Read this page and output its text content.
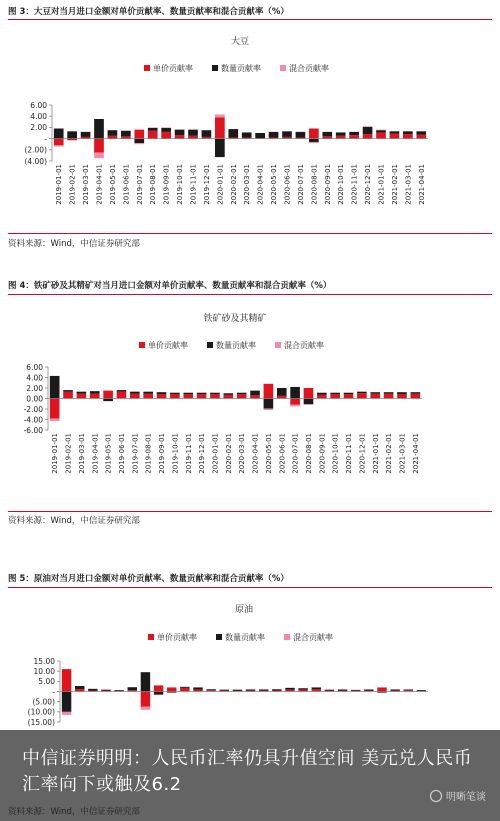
图 3：大豆对当月进口金额对单价贡献率、数量贡献率和混合贡献率（%）
大豆
单价贡献率	数量贡献率	混合贡献率
6.00
4.00
2.00
-
(2.00)
(4.00)
2019-01-01 2019-02-01 2019-03-01 2019-04-01 2019-05-01 2019-06-01 2019-07-01 2019-08-01 2019-09-01 2019-10-01 2019-11-01 2019-12-01 2020-01-01 2020-02-01 2020-03-01 2020-04-01 2020-05-01 2020-06-01 2020-07-01 2020-08-01 2020-09-01 2020-10-01 2020-11-01 2020-12-01 2021-01-01 2021-02-01 2021-03-01 2021-04-01
资料来源：Wind，中信证券研究部
图 4：铁矿砂及其精矿对当月进口金额对单价贡献率、数量贡献率和混合贡献率（%）
铁矿砂及其精矿
单价贡献率	数量贡献率	混合贡献率
6.00
4.00
2.00
0.00
-2.00
-4.00
-6.00
2019-01-01 2019-02-01 2019-03-01 2019-04-01 2019-05-01 2019-06-01 2019-07-01 2019-08-01 2019-09-01 2019-10-01 2019-11-01 2019-12-01 2020-01-01 2020-02-01 2020-03-01 2020-04-01 2020-05-01 2020-06-01 2020-07-01 2020-08-01 2020-09-01 2020-10-01 2020-11-01 2020-12-01 2021-01-01 2021-02-01 2021-03-01 2021-04-01
资料来源：Wind，中信证券研究部
图 5：原油对当月进口金额对单价贡献率、数量贡献率和混合贡献率（%）
原油
单价贡献率	数量贡献率	混合贡献率
15.00
10.00
5.00
-
(5.00)
(10.00)
(15.00)
中信证券明明：人民币汇率仍具升值空间 美元兑人民币汇率向下或触及6.2
明晰笔谈
资料来源：Wind，中信证券研究部
